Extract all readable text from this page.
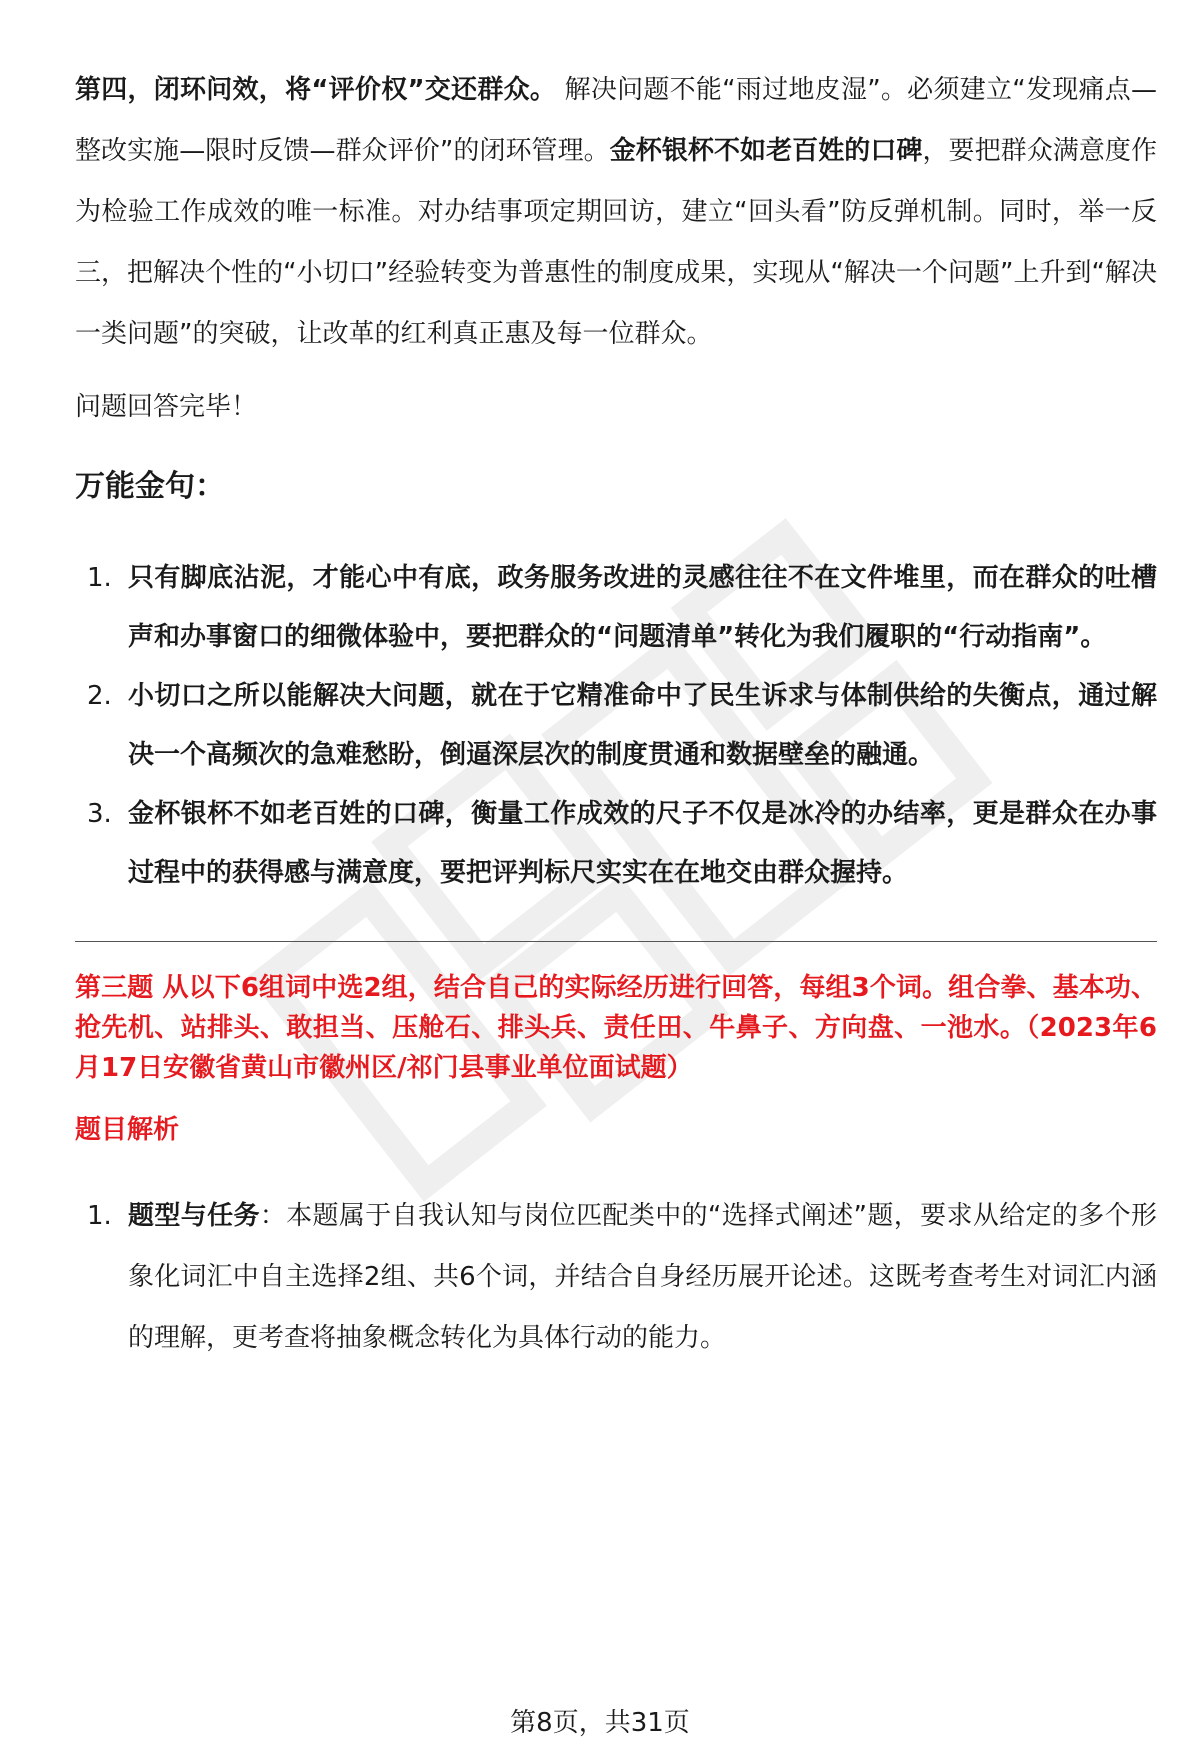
第四，闭环问效，将“评价权”交还群众。 解决问题不能“雨过地皮湿”。必须建立“发现痛点—整改实施—限时反馈—群众评价”的闭环管理。金杯银杯不如老百姓的口碑，要把群众满意度作为检验工作成效的唯一标准。对办结事项定期回访，建立“回头看”防反弹机制。同时，举一反三，把解决个性的“小切口”经验转变为普惠性的制度成果，实现从“解决一个问题”上升到“解决一类问题”的突破，让改革的红利真正惠及每一位群众。

问题回答完毕！
万能金句：
1. 只有脚底沾泥，才能心中有底，政务服务改进的灵感往往不在文件堆里，而在群众的吐槽声和办事窗口的细微体验中，要把群众的“问题清单”转化为我们履职的“行动指南”。
2. 小切口之所以能解决大问题，就在于它精准命中了民生诉求与体制供给的失衡点，通过解决一个高频次的急难愁盼，倒逼深层次的制度贯通和数据壁垒的融通。
3. 金杯银杯不如老百姓的口碑，衡量工作成效的尺子不仅是冰冷的办结率，更是群众在办事过程中的获得感与满意度，要把评判标尺实实在在地交由群众握持。
第三题 从以下6组词中选2组，结合自己的实际经历进行回答，每组3个词。组合拳、基本功、抢先机、站排头、敢担当、压舱石、排头兵、责任田、牛鼻子、方向盘、一池水。（2023年6月17日安徽省黄山市徽州区/祁门县事业单位面试题）
题目解析
1. 题型与任务：本题属于自我认知与岗位匹配类中的“选择式阐述”题，要求从给定的多个形象化词汇中自主选择2组、共6个词，并结合自身经历展开论述。这既考查考生对词汇内涵的理解，更考查将抽象概念转化为具体行动的能力。
第8页，共31页
